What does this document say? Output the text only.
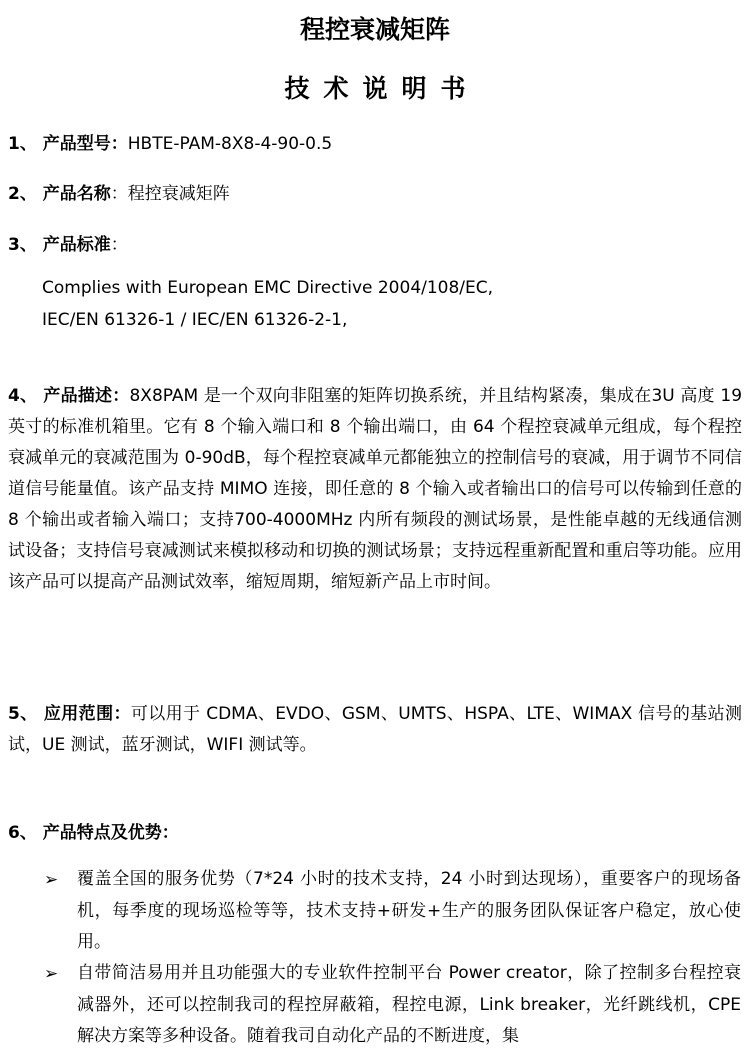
程控衰减矩阵
技术说明书
1、 产品型号：HBTE-PAM-8X8-4-90-0.5
2、 产品名称：程控衰减矩阵
3、 产品标准：
Complies with European EMC Directive 2004/108/EC,
IEC/EN 61326-1 / IEC/EN 61326-2-1,
4、 产品描述：8X8PAM 是一个双向非阻塞的矩阵切换系统，并且结构紧凑，集成在3U 高度 19 英寸的标准机箱里。它有 8 个输入端口和 8 个输出端口，由 64 个程控衰减单元组成，每个程控衰减单元的衰减范围为 0-90dB，每个程控衰减单元都能独立的控制信号的衰减，用于调节不同信道信号能量值。该产品支持 MIMO 连接，即任意的 8 个输入或者输出口的信号可以传输到任意的 8 个输出或者输入端口；支持700-4000MHz 内所有频段的测试场景，是性能卓越的无线通信测试设备；支持信号衰减测试来模拟移动和切换的测试场景；支持远程重新配置和重启等功能。应用该产品可以提高产品测试效率，缩短周期，缩短新产品上市时间。
5、 应用范围：可以用于 CDMA、EVDO、GSM、UMTS、HSPA、LTE、WIMAX 信号的基站测试，UE 测试，蓝牙测试，WIFI 测试等。
6、 产品特点及优势：
➢ 覆盖全国的服务优势（7*24 小时的技术支持，24 小时到达现场），重要客户的现场备机，每季度的现场巡检等等，技术支持+研发+生产的服务团队保证客户稳定，放心使用。
➢ 自带简洁易用并且功能强大的专业软件控制平台 Power creator，除了控制多台程控衰减器外，还可以控制我司的程控屏蔽箱，程控电源，Link breaker，光纤跳线机，CPE 解决方案等多种设备。随着我司自动化产品的不断进度，集
